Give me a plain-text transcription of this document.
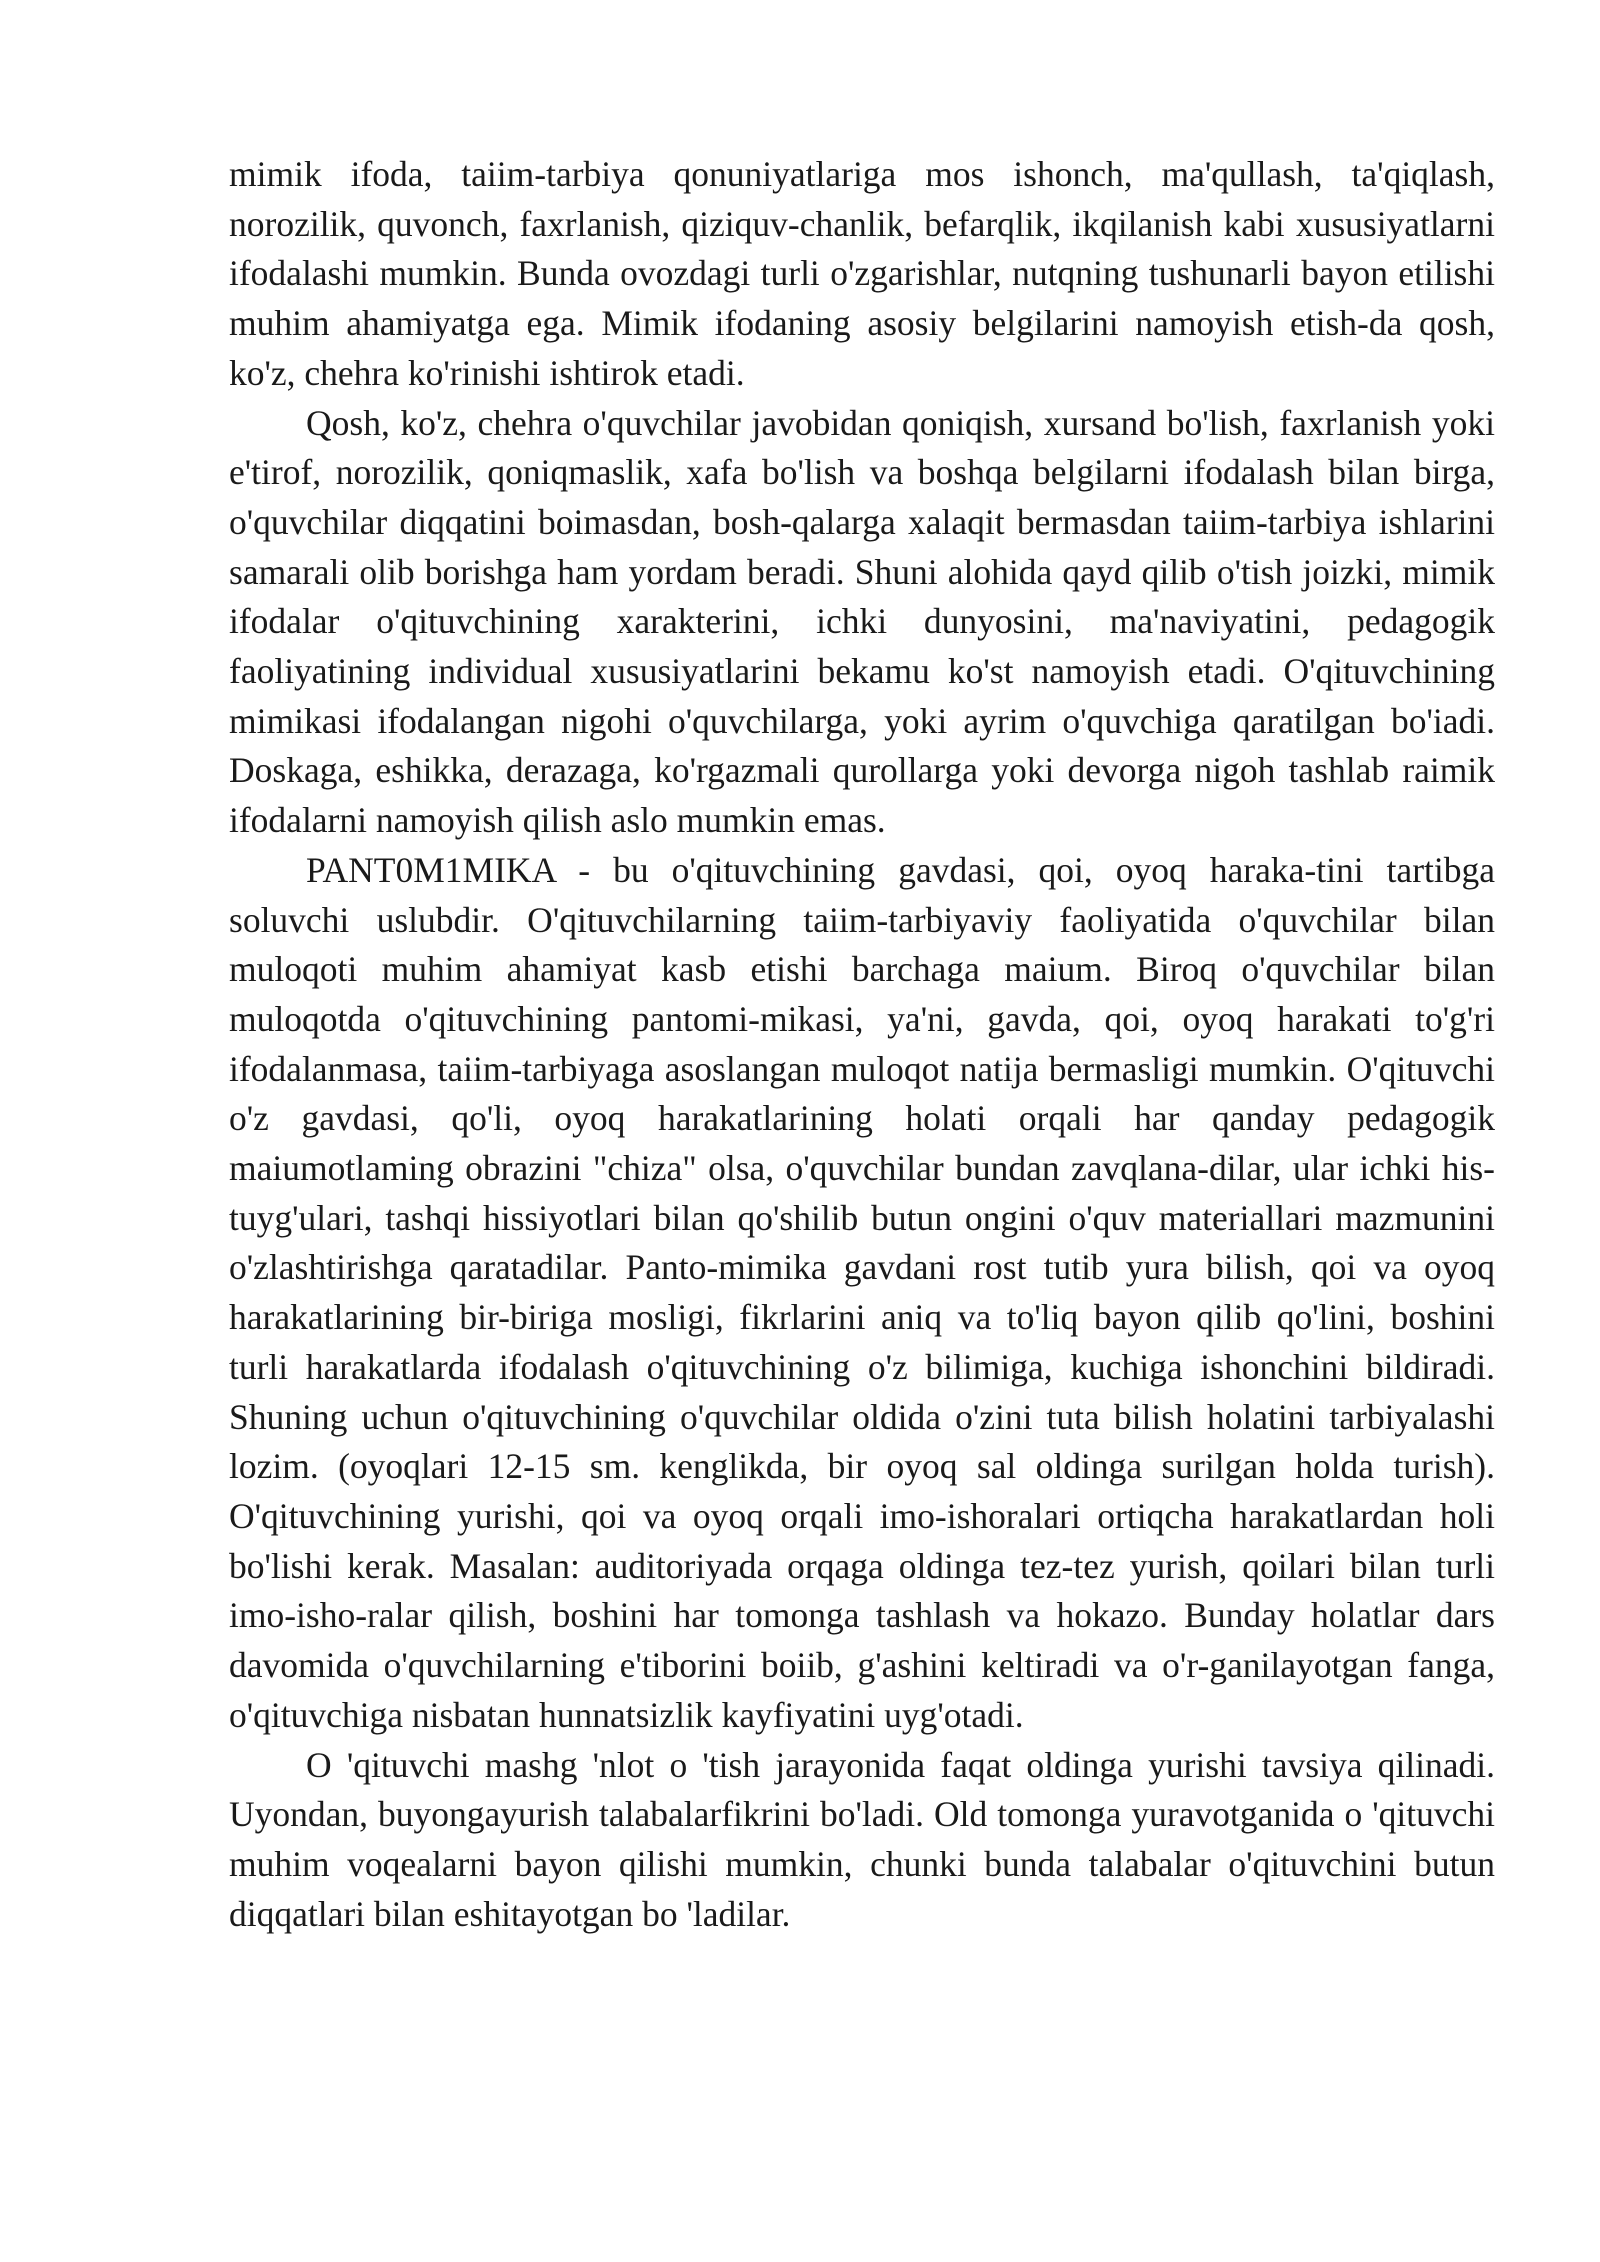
mimik ifoda, taiim-tarbiya qonuniyatlariga mos ishonch, ma'qullash, ta'qiqlash, norozilik, quvonch, faxrlanish, qiziquv-chanlik, befarqlik, ikqilanish kabi xususiyatlarni ifodalashi mumkin. Bunda ovozdagi turli o'zgarishlar, nutqning tushunarli bayon etilishi muhim ahamiyatga ega. Mimik ifodaning asosiy belgilarini namoyish etish-da qosh, ko'z, chehra ko'rinishi ishtirok etadi.

Qosh, ko'z, chehra o'quvchilar javobidan qoniqish, xursand bo'lish, faxrlanish yoki e'tirof, norozilik, qoniqmaslik, xafa bo'lish va boshqa belgilarni ifodalash bilan birga, o'quvchilar diqqatini boimasdan, bosh-qalarga xalaqit bermasdan taiim-tarbiya ishlarini samarali olib borishga ham yordam beradi. Shuni alohida qayd qilib o'tish joizki, mimik ifodalar o'qituvchining xarakterini, ichki dunyosini, ma'naviyatini, pedagogik faoliyatining individual xususiyatlarini bekamu ko'st namoyish etadi. O'qituvchining mimikasi ifodalangan nigohi o'quvchilarga, yoki ayrim o'quvchiga qaratilgan bo'iadi. Doskaga, eshikka, derazaga, ko'rgazmali qurollarga yoki devorga nigoh tashlab raimik ifodalarni namoyish qilish aslo mumkin emas.

PANT0M1MIKA - bu o'qituvchining gavdasi, qoi, oyoq haraka-tini tartibga soluvchi uslubdir. O'qituvchilarning taiim-tarbiyaviy faoliyatida o'quvchilar bilan muloqoti muhim ahamiyat kasb etishi barchaga maium. Biroq o'quvchilar bilan muloqotda o'qituvchining pantomi-mikasi, ya'ni, gavda, qoi, oyoq harakati to'g'ri ifodalanmasa, taiim-tarbiyaga asoslangan muloqot natija bermasligi mumkin. O'qituvchi o'z gavdasi, qo'li, oyoq harakatlarining holati orqali har qanday pedagogik maiumotlaming obrazini "chiza" olsa, o'quvchilar bundan zavqlana-dilar, ular ichki his-tuyg'ulari, tashqi hissiyotlari bilan qo'shilib butun ongini o'quv materiallari mazmunini o'zlashtirishga qaratadilar. Panto-mimika gavdani rost tutib yura bilish, qoi va oyoq harakatlarining bir-biriga mosligi, fikrlarini aniq va to'liq bayon qilib qo'lini, boshini turli harakatlarda ifodalash o'qituvchining o'z bilimiga, kuchiga ishonchini bildiradi. Shuning uchun o'qituvchining o'quvchilar oldida o'zini tuta bilish holatini tarbiyalashi lozim. (oyoqlari 12-15 sm. kenglikda, bir oyoq sal oldinga surilgan holda turish). O'qituvchining yurishi, qoi va oyoq orqali imo-ishoralari ortiqcha harakatlardan holi bo'lishi kerak. Masalan: auditoriyada orqaga oldinga tez-tez yurish, qoilari bilan turli imo-isho-ralar qilish, boshini har tomonga tashlash va hokazo. Bunday holatlar dars davomida o'quvchilarning e'tiborini boiib, g'ashini keltiradi va o'r-ganilayotgan fanga, o'qituvchiga nisbatan hunnatsizlik kayfiyatini uyg'otadi.

O 'qituvchi mashg 'nlot o 'tish jarayonida faqat oldinga yurishi tavsiya qilinadi. Uyondan, buyongayurish talabalarfikrini bo'ladi. Old tomonga yuravotganida o 'qituvchi muhim voqealarni bayon qilishi mumkin, chunki bunda talabalar o'qituvchini butun diqqatlari bilan eshitayotgan bo 'ladilar.
